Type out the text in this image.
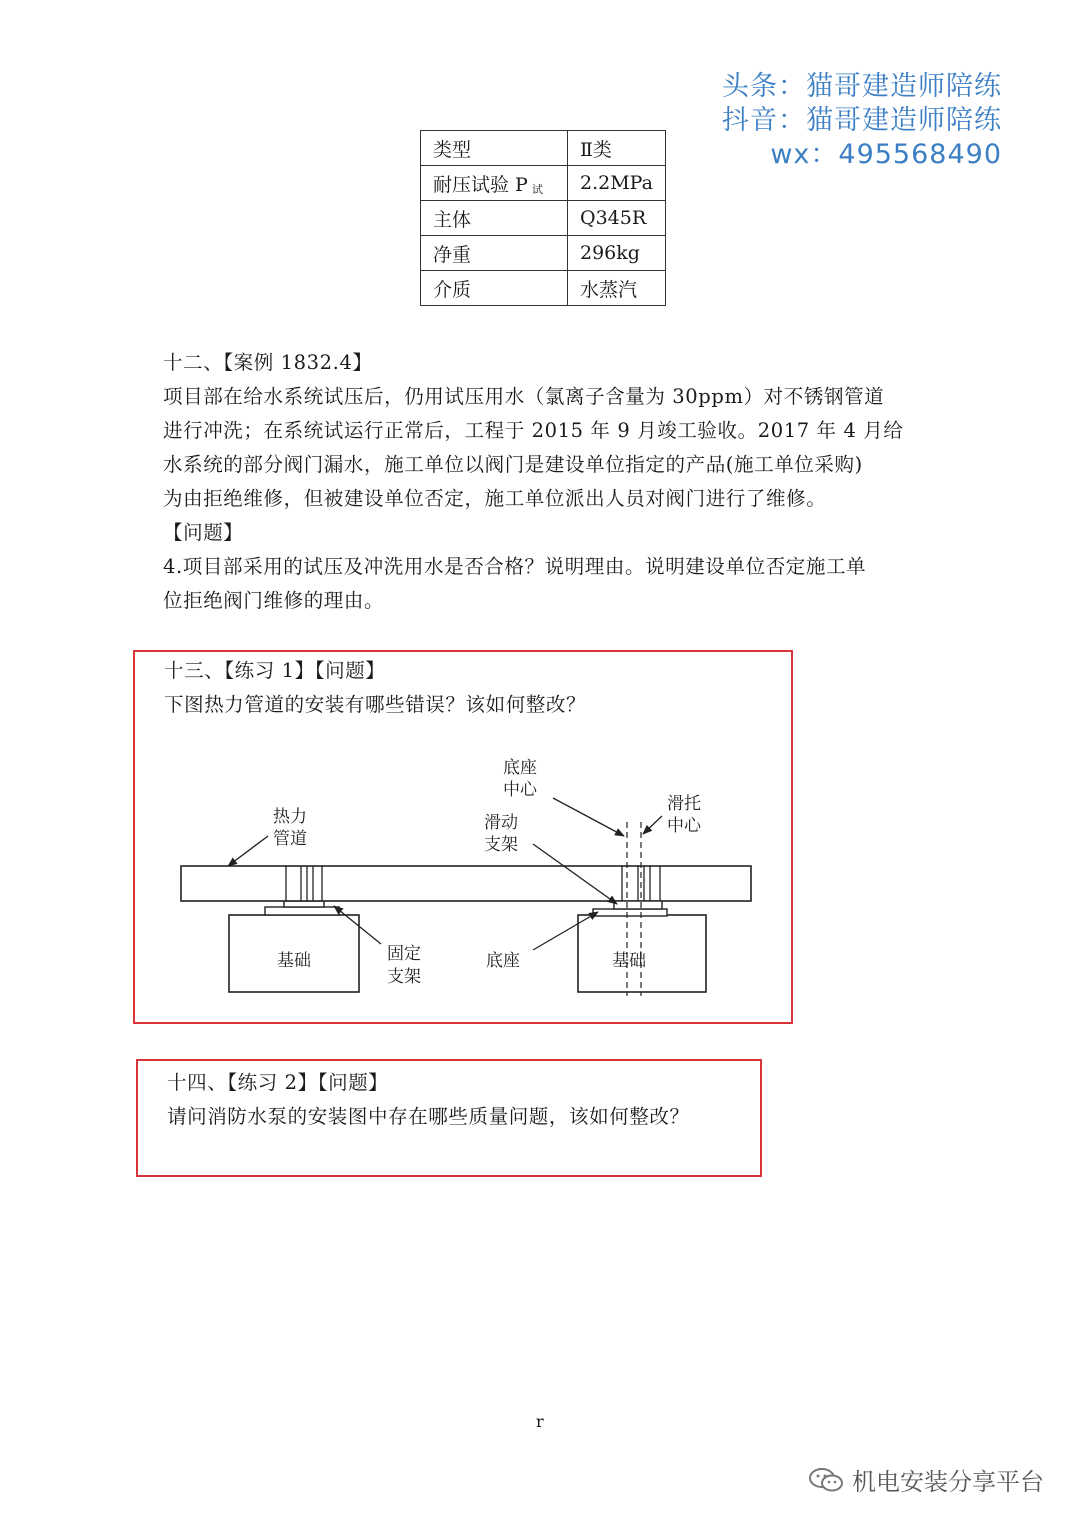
头条：猫哥建造师陪练
抖音：猫哥建造师陪练
wx：495568490
类型	Ⅱ类
耐压试验 P $_试$	2.2MPa
主体	Q345R
净重	296kg
介质	水蒸汽

十二、【案例 1832.4】

项目部在给水系统试压后，仍用试压用水（氯离子含量为 30ppm）对不锈钢管道

进行冲洗；在系统试运行正常后，工程于 2015 年 9 月竣工验收。2017 年 4 月给

水系统的部分阀门漏水，施工单位以阀门是建设单位指定的产品(施工单位采购)

为由拒绝维修，但被建设单位否定，施工单位派出人员对阀门进行了维修。

【问题】

4.项目部采用的试压及冲洗用水是否合格？说明理由。说明建设单位否定施工单

位拒绝阀门维修的理由。

十三、【练习 1】【问题】
下图热力管道的安装有哪些错误？该如何整改？
热力
管道
底座
中心
滑托
中心
滑动
支架
基础	基础
固定
支架
底座
十四、【练习 2】【问题】
请问消防水泵的安装图中存在哪些质量问题，该如何整改？
r
机电安装分享平台
